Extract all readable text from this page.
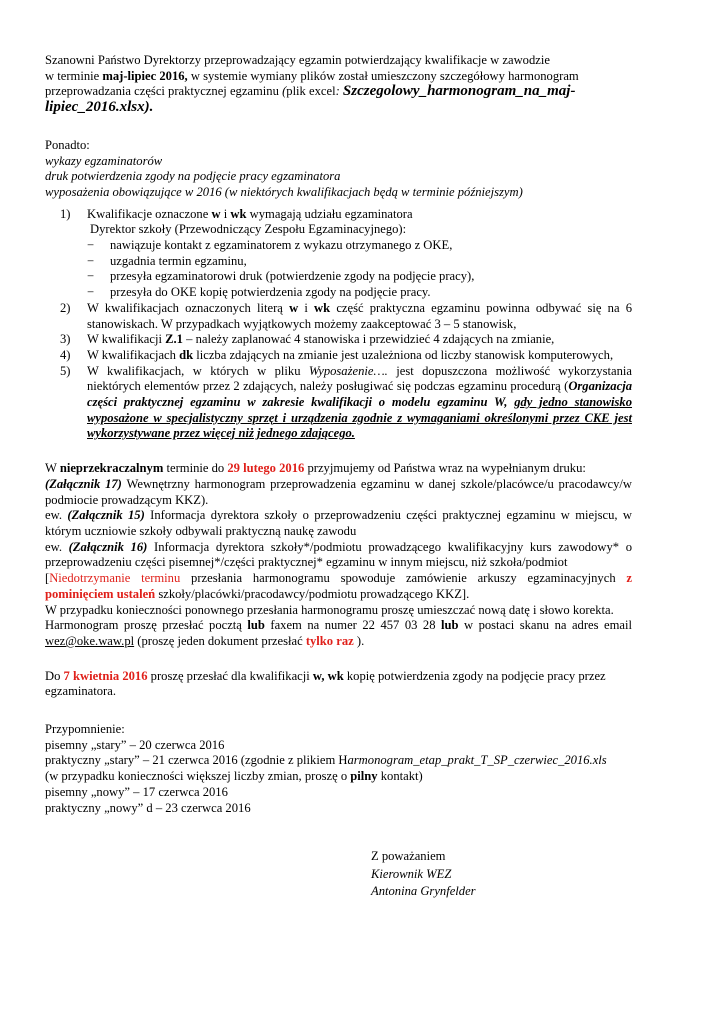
Szanowni Państwo Dyrektorzy przeprowadzający egzamin potwierdzający kwalifikacje w zawodzie
w terminie maj-lipiec 2016, w systemie wymiany plików został umieszczony szczegółowy harmonogram
przeprowadzania części praktycznej egzaminu (plik excel: Szczegolowy_harmonogram_na_maj-
lipiec_2016.xlsx).

Ponadto:

wykazy egzaminatorów

druk potwierdzenia zgody na podjęcie pracy egzaminatora

wyposażenia obowiązujące w 2016 (w niektórych kwalifikacjach będą w terminie późniejszym)

1) Kwalifikacje oznaczone w i wk wymagają udziału egzaminatora
Dyrektor szkoły (Przewodniczący Zespołu Egzaminacyjnego):
− nawiązuje kontakt z egzaminatorem z wykazu otrzymanego z OKE,
− uzgadnia termin egzaminu,
− przesyła egzaminatorowi druk (potwierdzenie zgody na podjęcie pracy),
− przesyła do OKE kopię potwierdzenia zgody na podjęcie pracy.
2) W kwalifikacjach oznaczonych literą w i wk część praktyczna egzaminu powinna odbywać się na 6 stanowiskach. W przypadkach wyjątkowych możemy zaakceptować 3 – 5 stanowisk,
3) W kwalifikacji Z.1 – należy zaplanować 4 stanowiska i przewidzieć 4 zdających na zmianie,
4) W kwalifikacjach dk liczba zdających na zmianie jest uzależniona od liczby stanowisk komputerowych,
5) W kwalifikacjach, w których w pliku Wyposażenie…. jest dopuszczona możliwość wykorzystania niektórych elementów przez 2 zdających, należy posługiwać się podczas egzaminu procedurą (Organizacja części praktycznej egzaminu w zakresie kwalifikacji o modelu egzaminu W, gdy jedno stanowisko wyposażone w specjalistyczny sprzęt i urządzenia zgodnie z wymaganiami określonymi przez CKE jest wykorzystywane przez więcej niż jednego zdającego.

W nieprzekraczalnym terminie do 29 lutego 2016 przyjmujemy od Państwa wraz na wypełnianym druku:
(Załącznik 17) Wewnętrzny harmonogram przeprowadzenia egzaminu w danej szkole/placówce/u pracodawcy/w podmiocie prowadzącym KKZ).
ew. (Załącznik 15) Informacja dyrektora szkoły o przeprowadzeniu części praktycznej egzaminu w miejscu, w którym uczniowie szkoły odbywali praktyczną naukę zawodu
ew. (Załącznik 16) Informacja dyrektora szkoły*/podmiotu prowadzącego kwalifikacyjny kurs zawodowy* o przeprowadzeniu części pisemnej*/części praktycznej* egzaminu w innym miejscu, niż szkoła/podmiot
[Niedotrzymanie terminu przesłania harmonogramu spowoduje zamówienie arkuszy egzaminacyjnych z pominięciem ustaleń szkoły/placówki/pracodawcy/podmiotu prowadzącego KKZ].
W przypadku konieczności ponownego przesłania harmonogramu proszę umieszczać nową datę i słowo korekta.
Harmonogram proszę przesłać pocztą lub faxem na numer 22 457 03 28 lub w postaci skanu na adres email wez@oke.waw.pl (proszę jeden dokument przesłać tylko raz ).

Do 7 kwietnia 2016 proszę przesłać dla kwalifikacji w, wk kopię potwierdzenia zgody na podjęcie pracy przez egzaminatora.

Przypomnienie:

pisemny „stary” – 20 czerwca 2016

praktyczny „stary” – 21 czerwca 2016 (zgodnie z plikiem Harmonogram_etap_prakt_T_SP_czerwiec_2016.xls

(w przypadku konieczności większej liczby zmian, proszę o pilny kontakt)

pisemny „nowy” – 17 czerwca 2016

praktyczny „nowy” d – 23 czerwca 2016

Z poważaniem

Kierownik WEZ

Antonina Grynfelder
